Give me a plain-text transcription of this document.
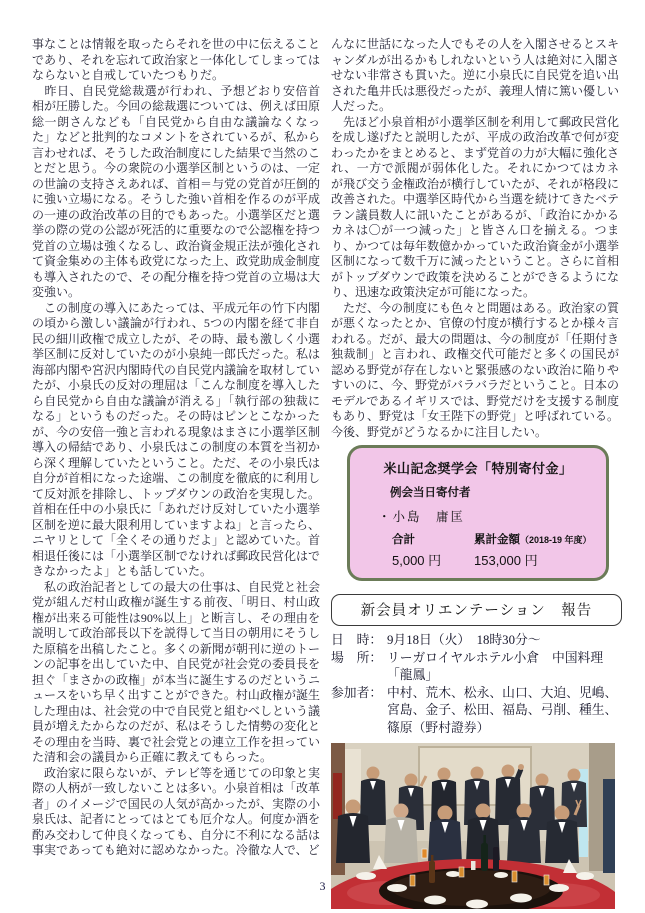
事なことは情報を取ったらそれを世の中に伝えることであり、それを忘れて政治家と一体化してしまってはならないと自戒していたつもりだ。

　昨日、自民党総裁選が行われ、予想どおり安倍首相が圧勝した。今回の総裁選については、例えば田原総一朗さんなども「自民党から自由な議論なくなった」などと批判的なコメントをされているが、私から言わせれば、そうした政治制度にした結果で当然のことだと思う。今の衆院の小選挙区制というのは、一定の世論の支持さえあれば、首相＝与党の党首が圧倒的に強い立場になる。そうした強い首相を作るのが平成の一連の政治改革の目的でもあった。小選挙区だと選挙の際の党の公認が死活的に重要なので公認権を持つ党首の立場は強くなるし、政治資金規正法が強化されて資金集めの主体も政党になった上、政党助成金制度も導入されたので、その配分権を持つ党首の立場は大変強い。

　この制度の導入にあたっては、平成元年の竹下内閣の頃から激しい議論が行われ、5つの内閣を経て非自民の細川政権で成立したが、その時、最も激しく小選挙区制に反対していたのが小泉純一郎氏だった。私は海部内閣や宮沢内閣時代の自民党内議論を取材していたが、小泉氏の反対の理屈は「こんな制度を導入したら自民党から自由な議論が消える」「執行部の独裁になる」というものだった。その時はピンとこなかったが、今の安倍一強と言われる現象はまさに小選挙区制導入の帰結であり、小泉氏はこの制度の本質を当初から深く理解していたということ。ただ、その小泉氏は自分が首相になった途端、この制度を徹底的に利用して反対派を排除し、トップダウンの政治を実現した。首相在任中の小泉氏に「あれだけ反対していた小選挙区制を逆に最大限利用していますよね」と言ったら、ニヤリとして「全くその通りだよ」と認めていた。首相退任後には「小選挙区制でなければ郵政民営化はできなかったよ」とも話していた。

　私の政治記者としての最大の仕事は、自民党と社会党が組んだ村山政権が誕生する前夜、「明日、村山政権が出来る可能性は90%以上」と断言し、その理由を説明して政治部長以下を説得して当日の朝用にそうした原稿を出稿したこと。多くの新聞が朝刊に逆のトーンの記事を出していた中、自民党が社会党の委員長を担ぐ「まさかの政権」が本当に誕生するのだというニュースをいち早く出すことができた。村山政権が誕生した理由は、社会党の中で自民党と組むべしという議員が増えたからなのだが、私はそうした情勢の変化とその理由を当時、裏で社会党との連立工作を担っていた清和会の議員から正確に教えてもらった。

　政治家に限らないが、テレビ等を通じての印象と実際の人柄が一致しないことは多い。小泉首相は「改革者」のイメージで国民の人気が高かったが、実際の小泉氏は、記者にとってはとても厄介な人。何度か酒を酌み交わして仲良くなっても、自分に不利になる話は事実であっても絶対に認めなかった。冷徹な人で、ど

んなに世話になった人でもその人を入閣させるとスキャンダルが出るかもしれないという人は絶対に入閣させない非常さも貫いた。逆に小泉氏に自民党を追い出された亀井氏は悪役だったが、義理人情に篤い優しい人だった。

　先ほど小泉首相が小選挙区制を利用して郵政民営化を成し遂げたと説明したが、平成の政治改革で何が変わったかをまとめると、まず党首の力が大幅に強化され、一方で派閥が弱体化した。それにかつてはカネが飛び交う金権政治が横行していたが、それが格段に改善された。中選挙区時代から当選を続けてきたベテラン議員数人に訊いたことがあるが、「政治にかかるカネは〇が一つ減った」と皆さん口を揃える。つまり、かつては毎年数億かかっていた政治資金が小選挙区制になって数千万に減ったということ。さらに首相がトップダウンで政策を決めることができるようになり、迅速な政策決定が可能になった。

　ただ、今の制度にも色々と問題はある。政治家の質が悪くなったとか、官僚の忖度が横行するとか様々言われる。だが、最大の問題は、今の制度が「任期付き独裁制」と言われ、政権交代可能だと多くの国民が認める野党が存在しないと緊張感のない政治に陥りやすいのに、今、野党がバラバラだということ。日本のモデルであるイギリスでは、野党だけを支援する制度もあり、野党は「女王陛下の野党」と呼ばれている。今後、野党がどうなるかに注目したい。

米山記念奨学会「特別寄付金」
例会当日寄付者
・小島　庸匡
合計	累計金額（2018-19 年度）
5,000 円	153,000 円
新会員オリエンテーション　報告
日　時： 9月18日（火）　18時30分～
場　所： リーガロイヤルホテル小倉　中国料理「龍鳳」
参加者： 中村、荒木、松永、山口、大迫、児嶋、
宮島、金子、松田、福島、弓削、種生、
篠原（野村證券）
3
